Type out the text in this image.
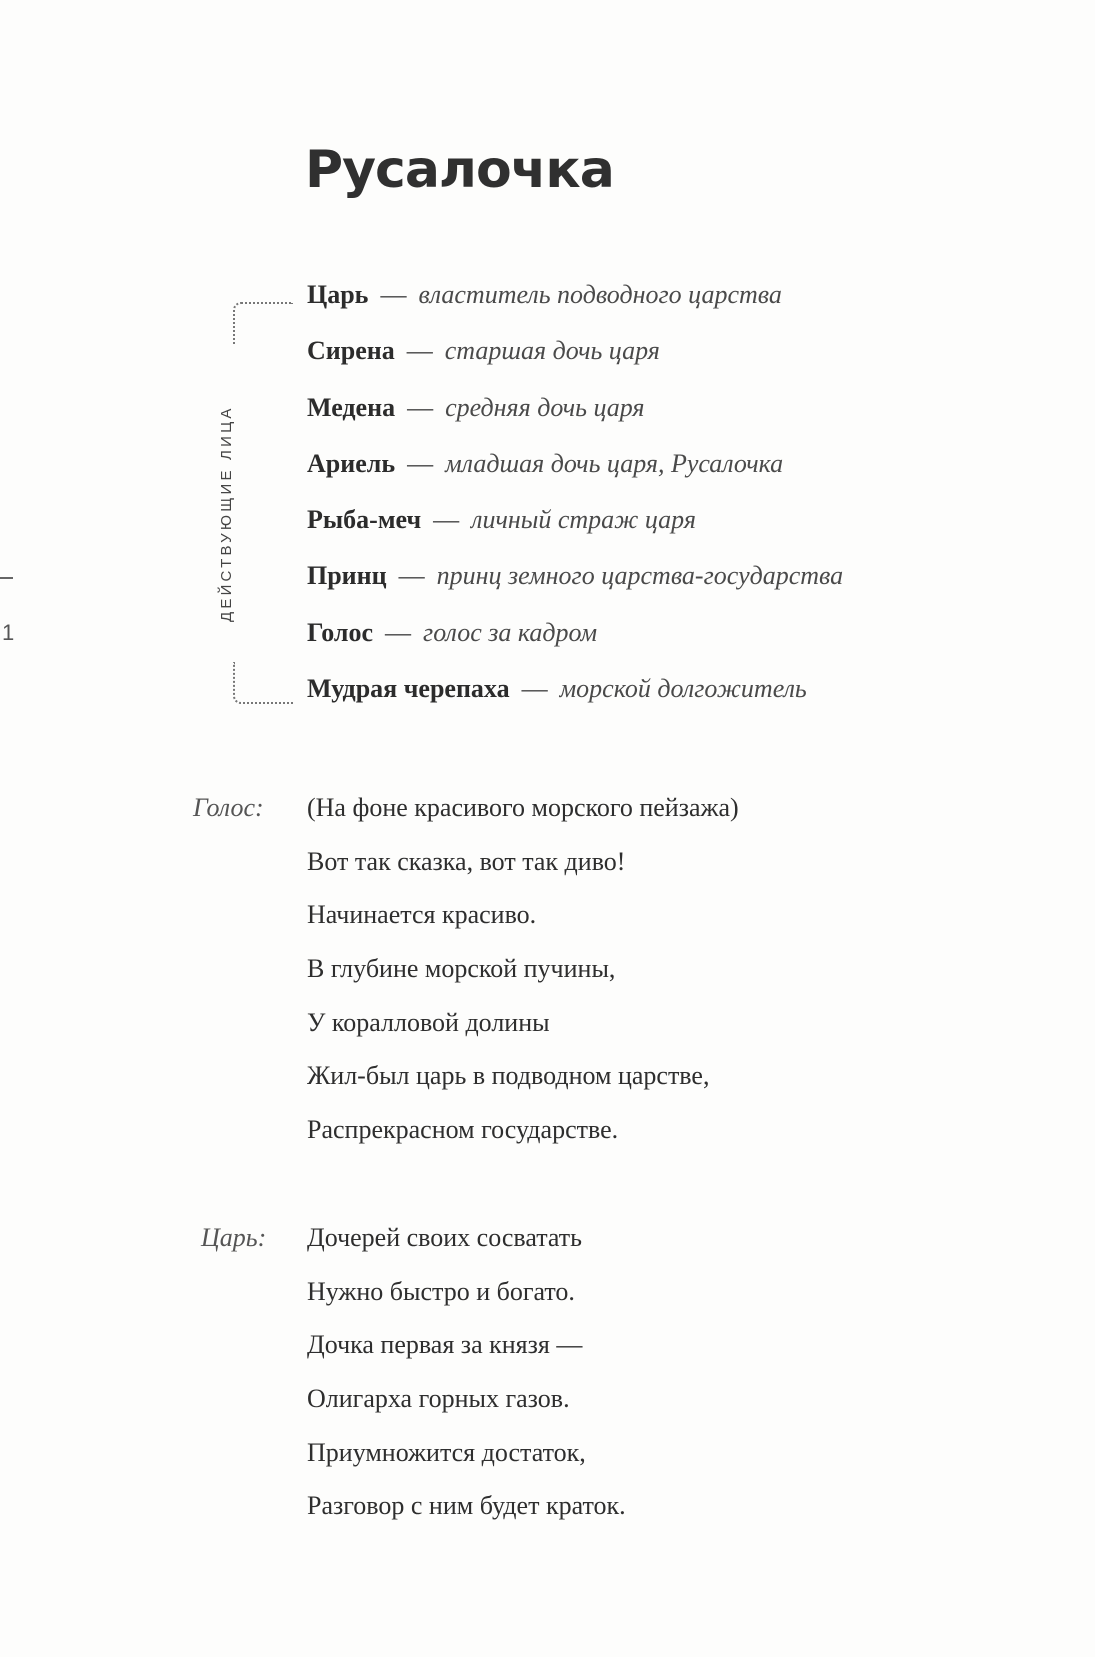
1
Русалочка
ДЕЙСТВУЮЩИЕ ЛИЦА
Царь — властитель подводного царства
Сирена — старшая дочь царя
Медена — средняя дочь царя
Ариель — младшая дочь царя, Русалочка
Рыба-меч — личный страж царя
Принц — принц земного царства-государства
Голос — голос за кадром
Мудрая черепаха — морской долгожитель
Голос:	(На фоне красивого морского пейзажа)
Вот так сказка, вот так диво!
Начинается красиво.
В глубине морской пучины,
У коралловой долины
Жил-был царь в подводном царстве,
Распрекрасном государстве.
Царь:	Дочерей своих сосватать
Нужно быстро и богато.
Дочка первая за князя —
Олигарха горных газов.
Приумножится достаток,
Разговор с ним будет краток.
